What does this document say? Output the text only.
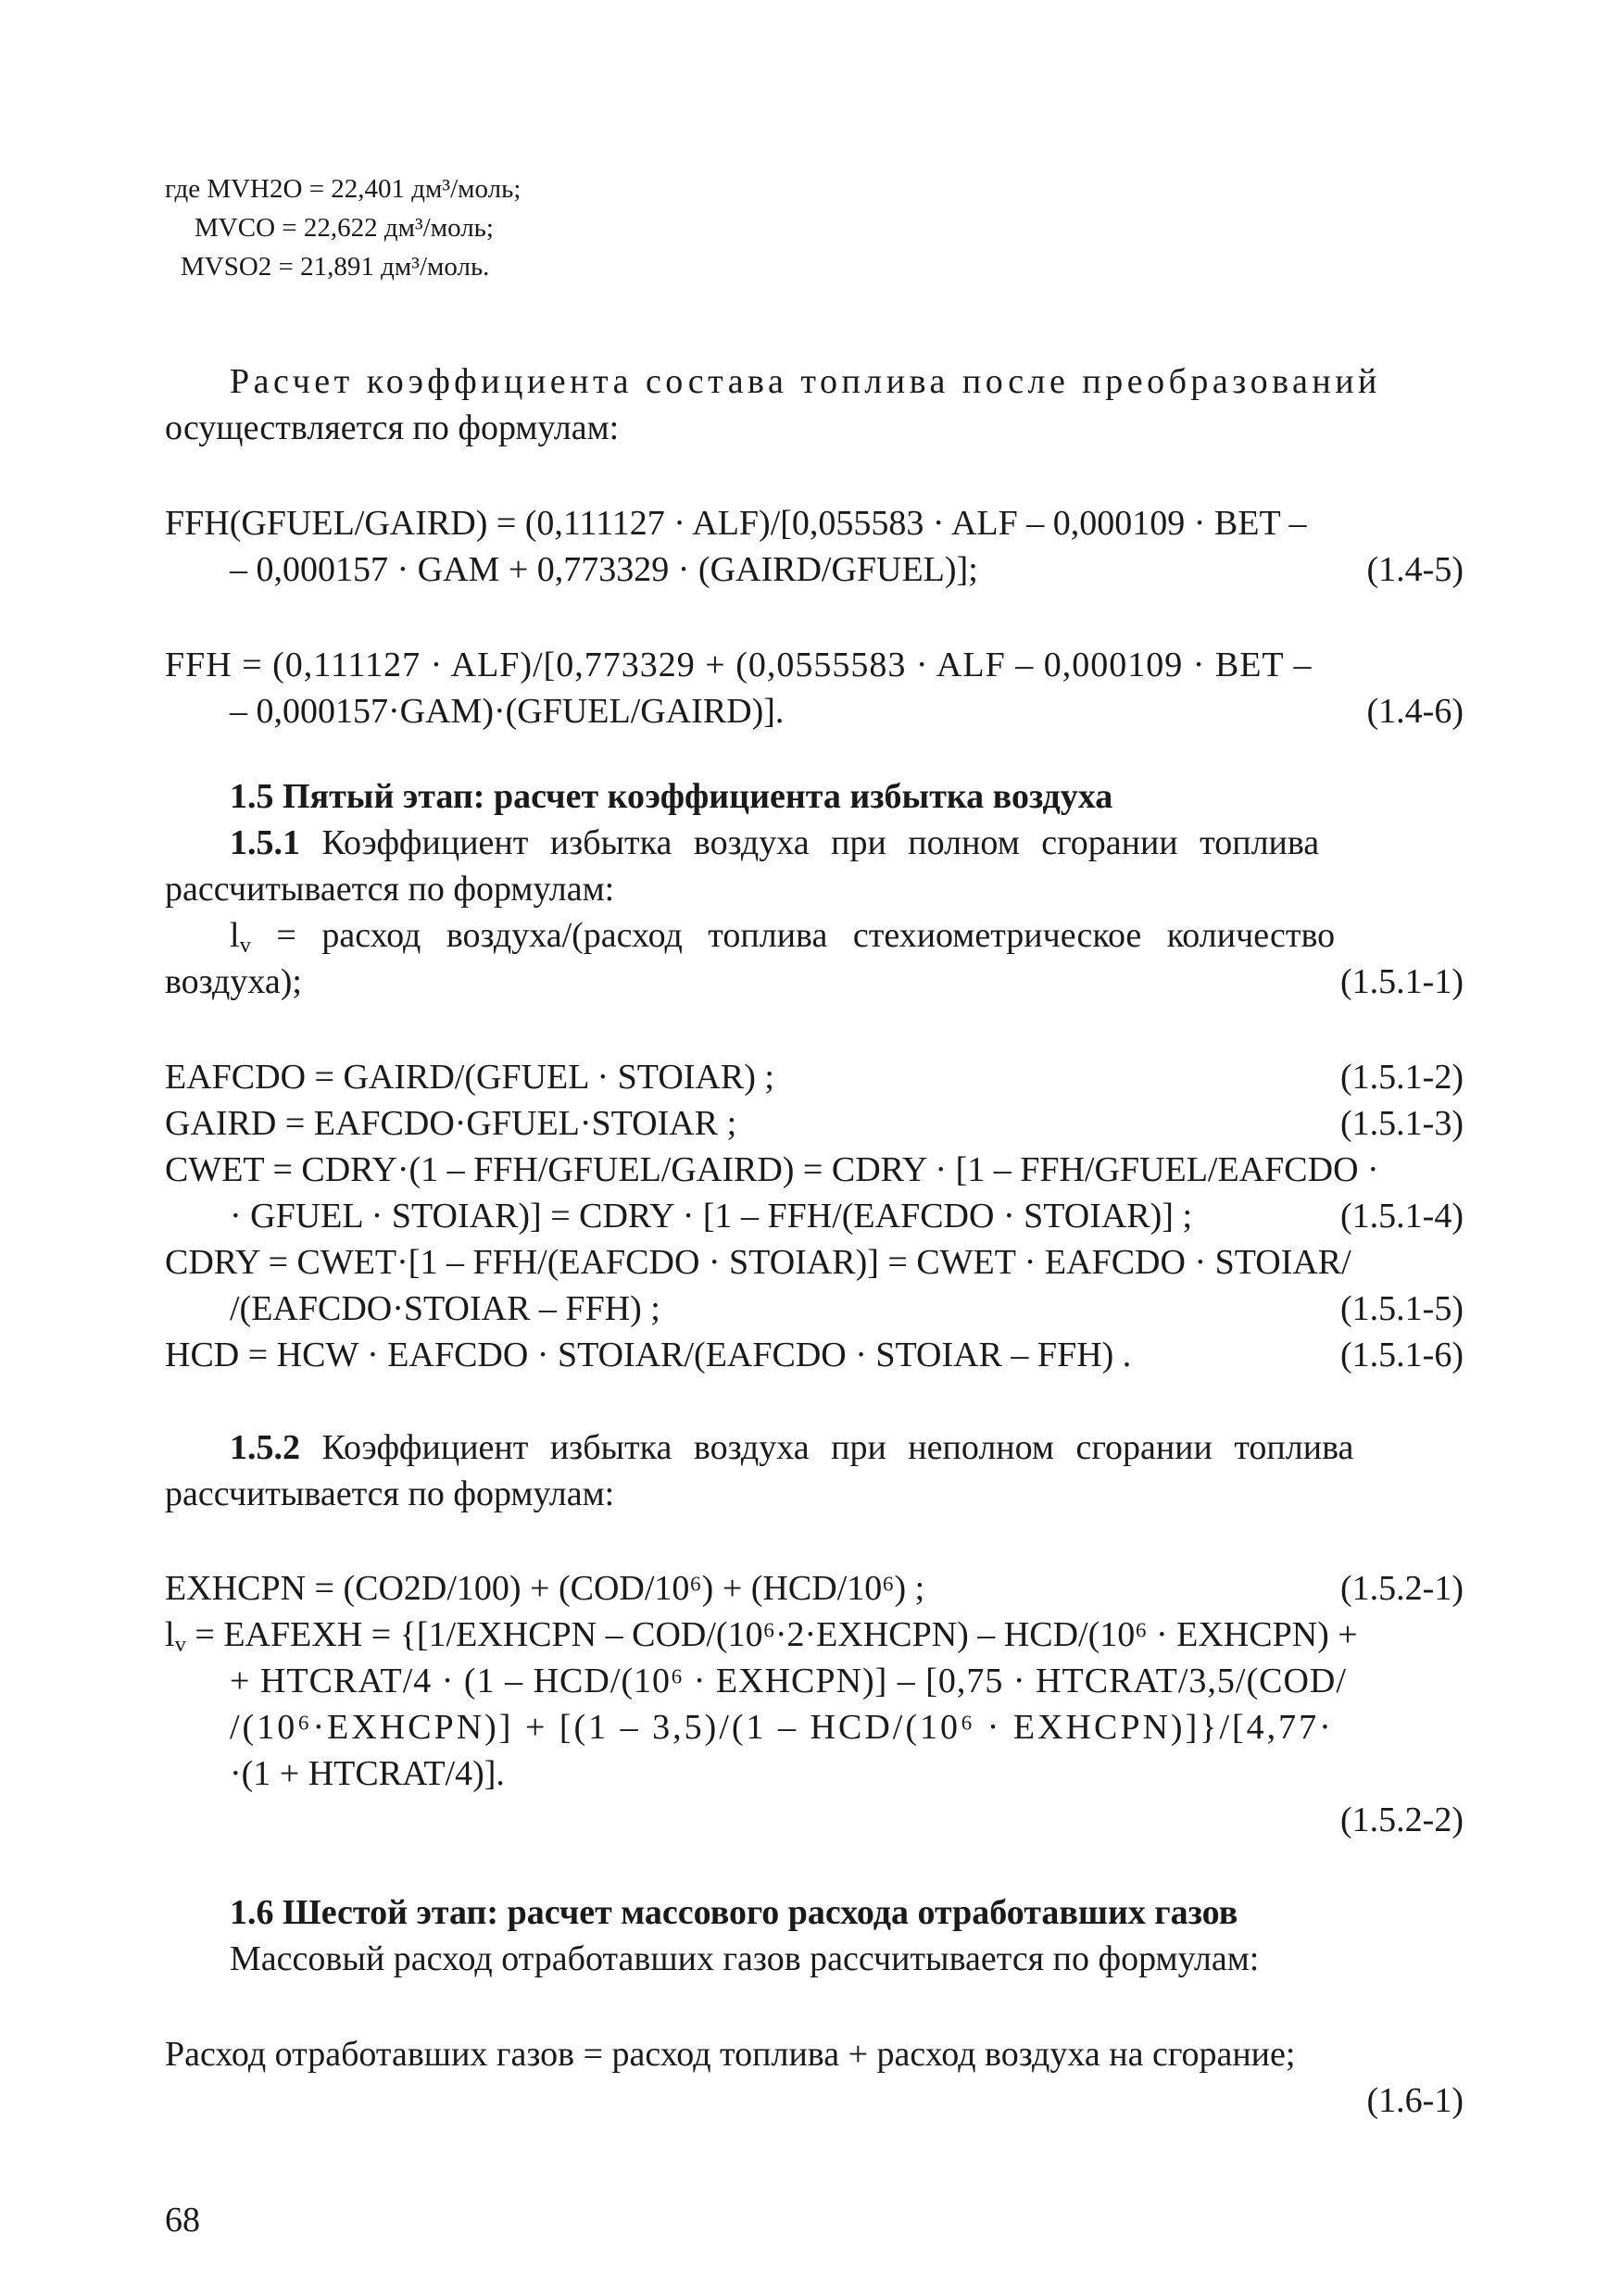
где MVH2O = 22,401 дм³/моль;
MVCO = 22,622 дм³/моль;
MVSO2 = 21,891 дм³/моль.
Расчет коэффициента состава топлива после преобразований
осуществляется по формулам:
FFH(GFUEL/GAIRD) = (0,111127 · ALF)/[0,055583 · ALF – 0,000109 · BET –
– 0,000157 · GAM + 0,773329 · (GAIRD/GFUEL)];	(1.4-5)
FFH = (0,111127 · ALF)/[0,773329 + (0,0555583 · ALF – 0,000109 · BET –
– 0,000157·GAM)·(GFUEL/GAIRD)].	(1.4-6)
1.5 Пятый этап: расчет коэффициента избытка воздуха
1.5.1 Коэффициент избытка воздуха при полном сгорании топлива
рассчитывается по формулам:
$l_v$ = расход воздуха/(расход топлива стехиометрическое количество
воздуха);	(1.5.1-1)
EAFCDO = GAIRD/(GFUEL · STOIAR) ;	(1.5.1-2)
GAIRD = EAFCDO·GFUEL·STOIAR ;	(1.5.1-3)
CWET = CDRY·(1 – FFH/GFUEL/GAIRD) = CDRY · [1 – FFH/GFUEL/EAFCDO ·
· GFUEL · STOIAR)] = CDRY · [1 – FFH/(EAFCDO · STOIAR)] ;	(1.5.1-4)
CDRY = CWET·[1 – FFH/(EAFCDO · STOIAR)] = CWET · EAFCDO · STOIAR/
/(EAFCDO·STOIAR – FFH) ;	(1.5.1-5)
HCD = HCW · EAFCDO · STOIAR/(EAFCDO · STOIAR – FFH) .	(1.5.1-6)
1.5.2 Коэффициент избытка воздуха при неполном сгорании топлива
рассчитывается по формулам:
EXHCPN = (CO2D/100) + (COD/10⁶) + (HCD/10⁶) ;	(1.5.2-1)
$l_v$ = EAFEXH = {[1/EXHCPN – COD/(10⁶·2·EXHCPN) – HCD/(10⁶ · EXHCPN) +
+ HTCRAT/4 · (1 – HCD/(10⁶ · EXHCPN)] – [0,75 · HTCRAT/3,5/(COD/
/(10⁶·EXHCPN)] + [(1 – 3,5)/(1 – HCD/(10⁶ · EXHCPN)]}/[4,77·
·(1 + HTCRAT/4)].
(1.5.2-2)
1.6 Шестой этап: расчет массового расхода отработавших газов
Массовый расход отработавших газов рассчитывается по формулам:
Расход отработавших газов = расход топлива + расход воздуха на сгорание;
(1.6-1)
68
